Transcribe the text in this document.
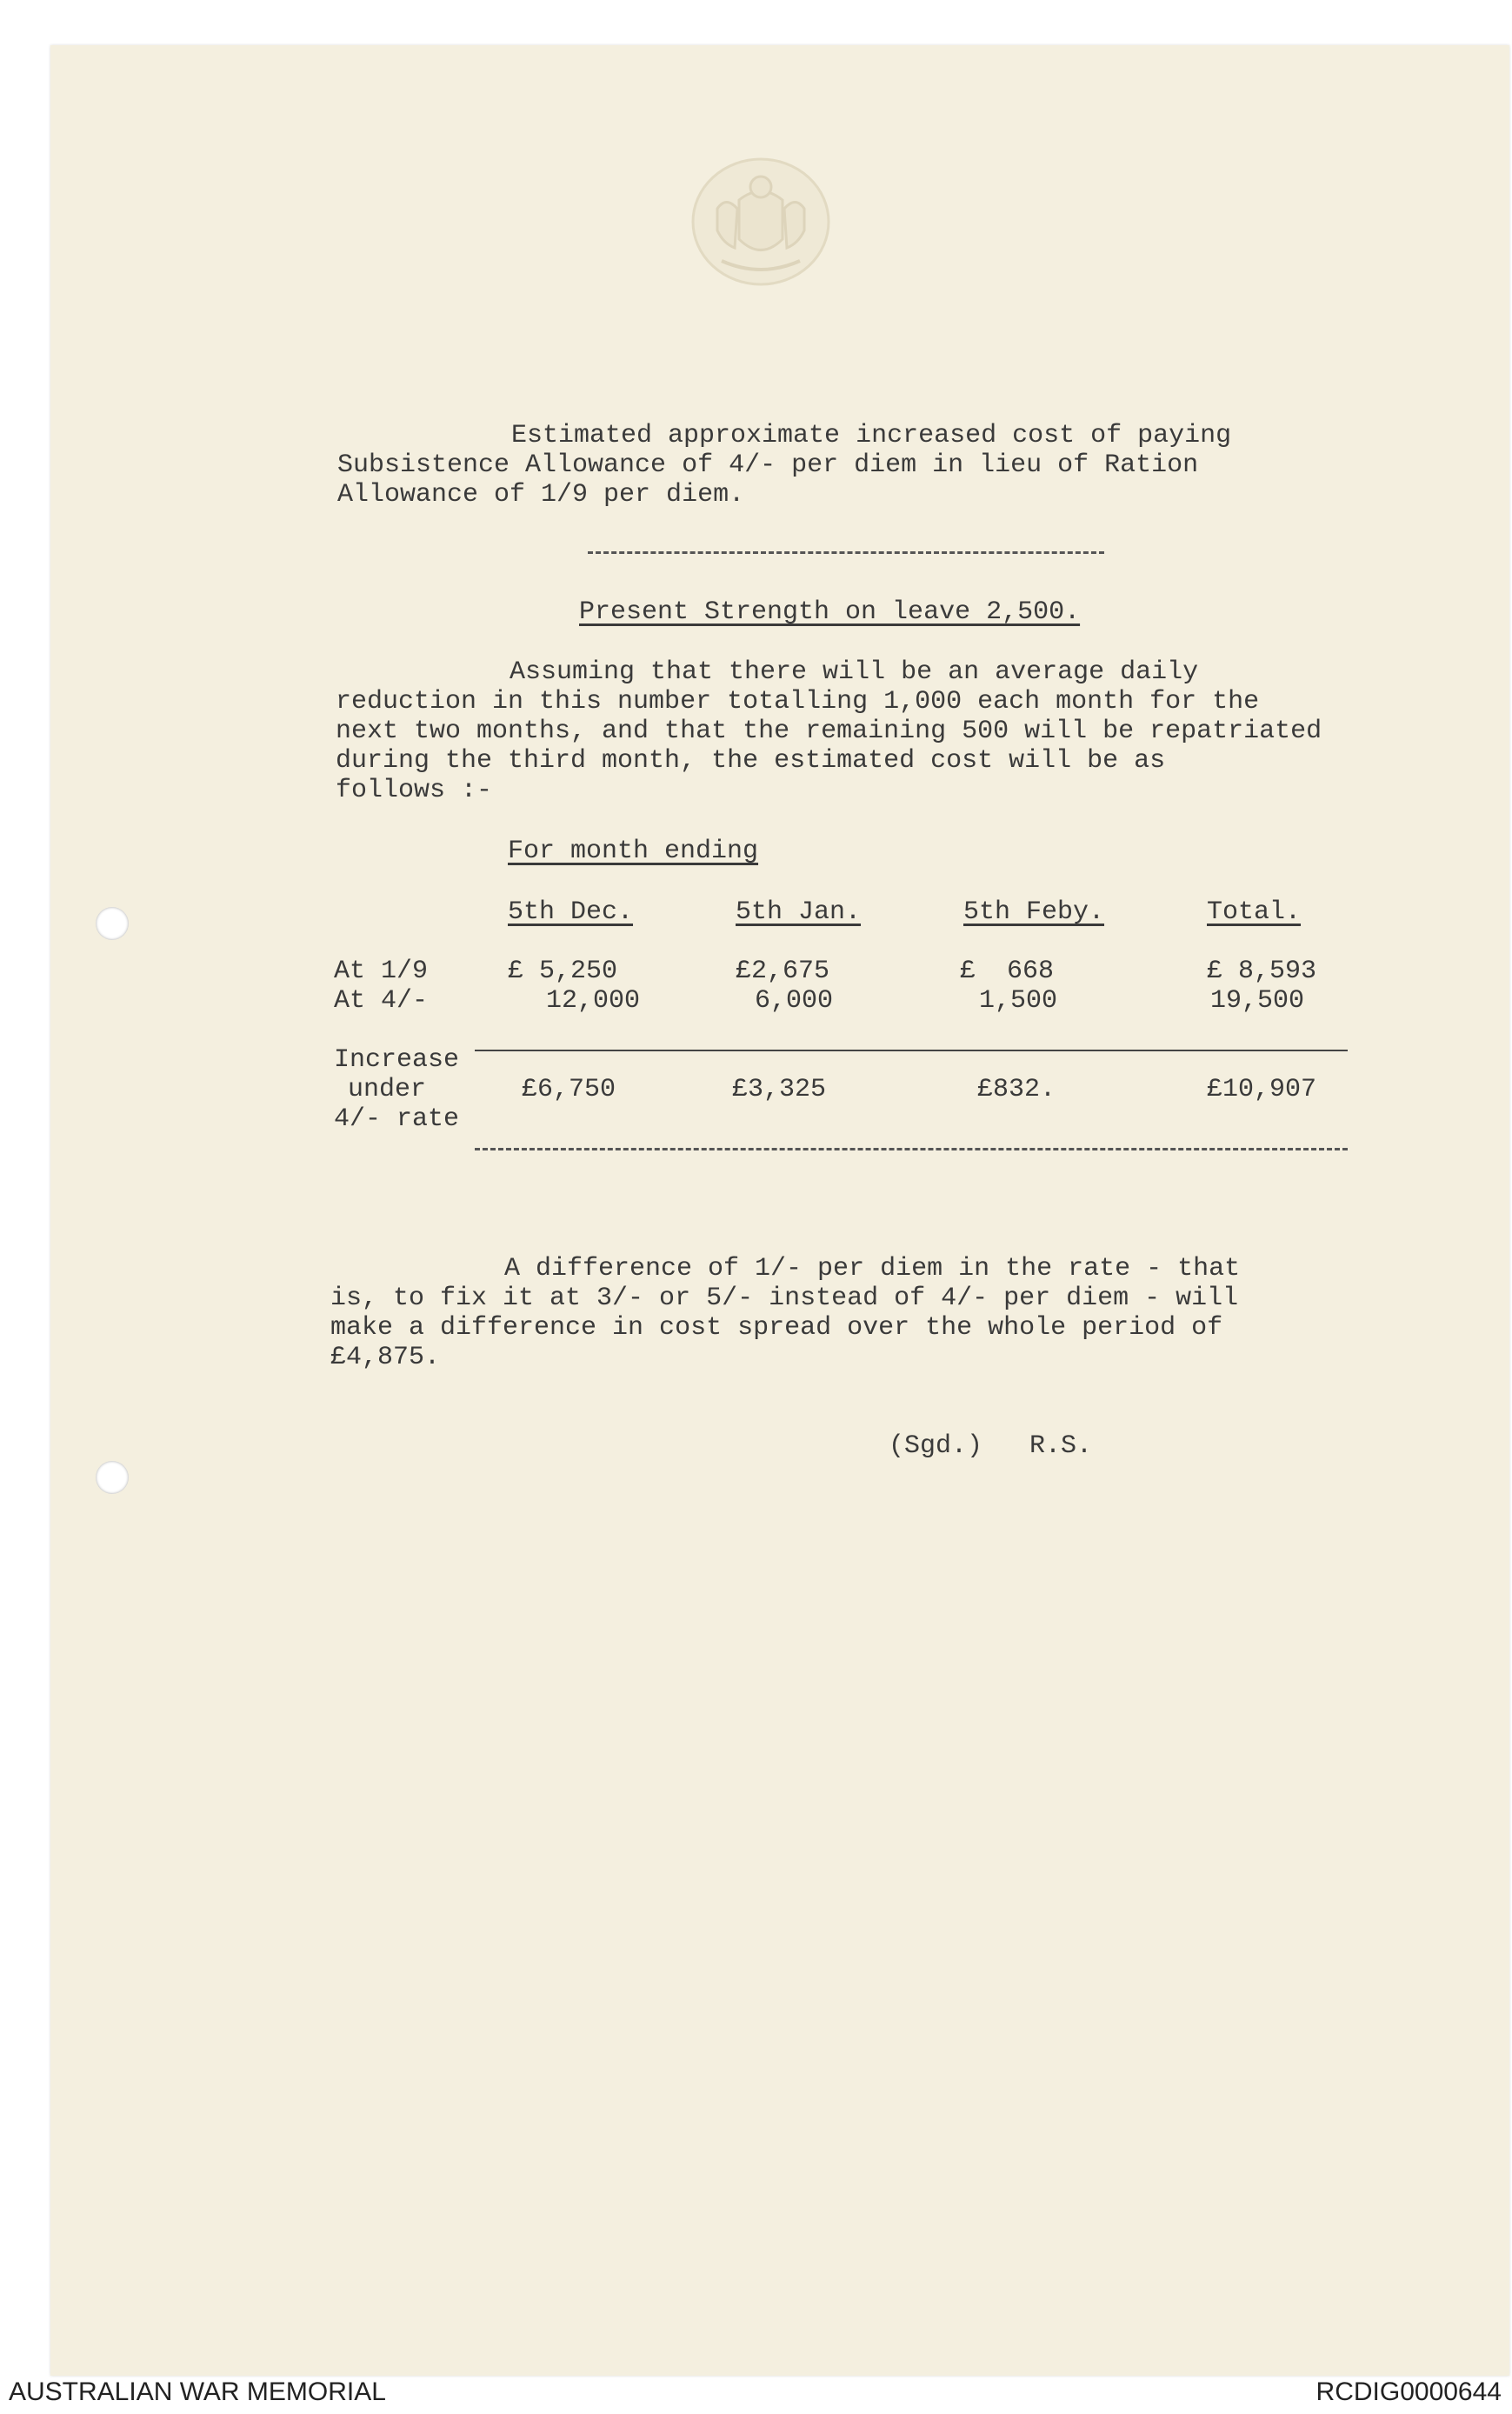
Estimated approximate increased cost of paying
Subsistence Allowance of 4/- per diem in lieu of Ration
Allowance of 1/9 per diem.
Present Strength on leave 2,500.
Assuming that there will be an average daily
reduction in this number totalling 1,000 each month for the
next two months, and that the remaining 500 will be repatriated
during the third month, the estimated cost will be as
follows :-
For month ending
5th Dec.	5th Jan.	5th Feby.	Total.
At 1/9	£ 5,250	£2,675	£  668	£ 8,593
At 4/-	12,000	6,000	1,500	19,500
Increase
under
4/- rate
£6,750	£3,325	£832.	£10,907
A difference of 1/- per diem in the rate - that
is, to fix it at 3/- or 5/- instead of 4/- per diem - will
make a difference in cost spread over the whole period of
£4,875.
(Sgd.)   R.S.
AUSTRALIAN WAR MEMORIAL	RCDIG0000644
